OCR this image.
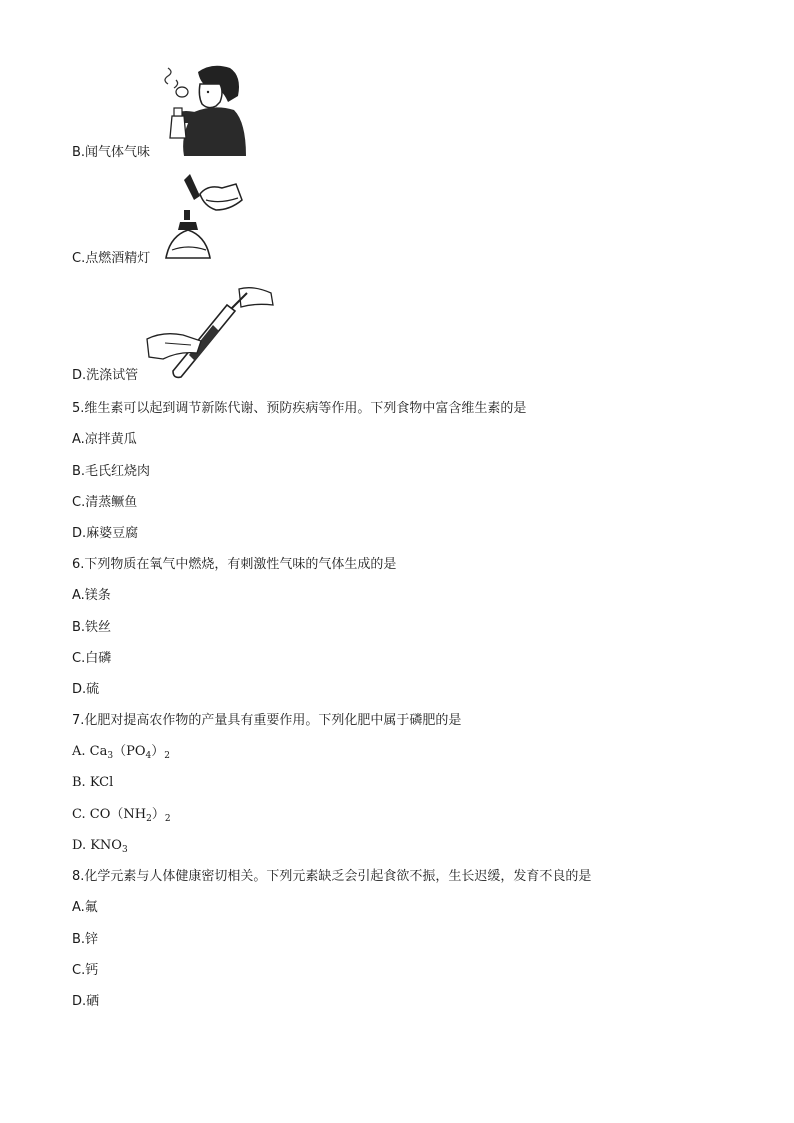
B.闻气体气味
C.点燃酒精灯
D.洗涤试管
5.维生素可以起到调节新陈代谢、预防疾病等作用。下列食物中富含维生素的是
A.凉拌黄瓜
B.毛氏红烧肉
C.清蒸鳜鱼
D.麻婆豆腐
6.下列物质在氧气中燃烧，有刺激性气味的气体生成的是
A.镁条
B.铁丝
C.白磷
D.硫
7.化肥对提高农作物的产量具有重要作用。下列化肥中属于磷肥的是
A. $Ca_3(PO_4)_2$
B. KCl
C. $CO(NH_2)_2$
D. $KNO_3$
8.化学元素与人体健康密切相关。下列元素缺乏会引起食欲不振，生长迟缓，发育不良的是
A.氟
B.锌
C.钙
D.硒
